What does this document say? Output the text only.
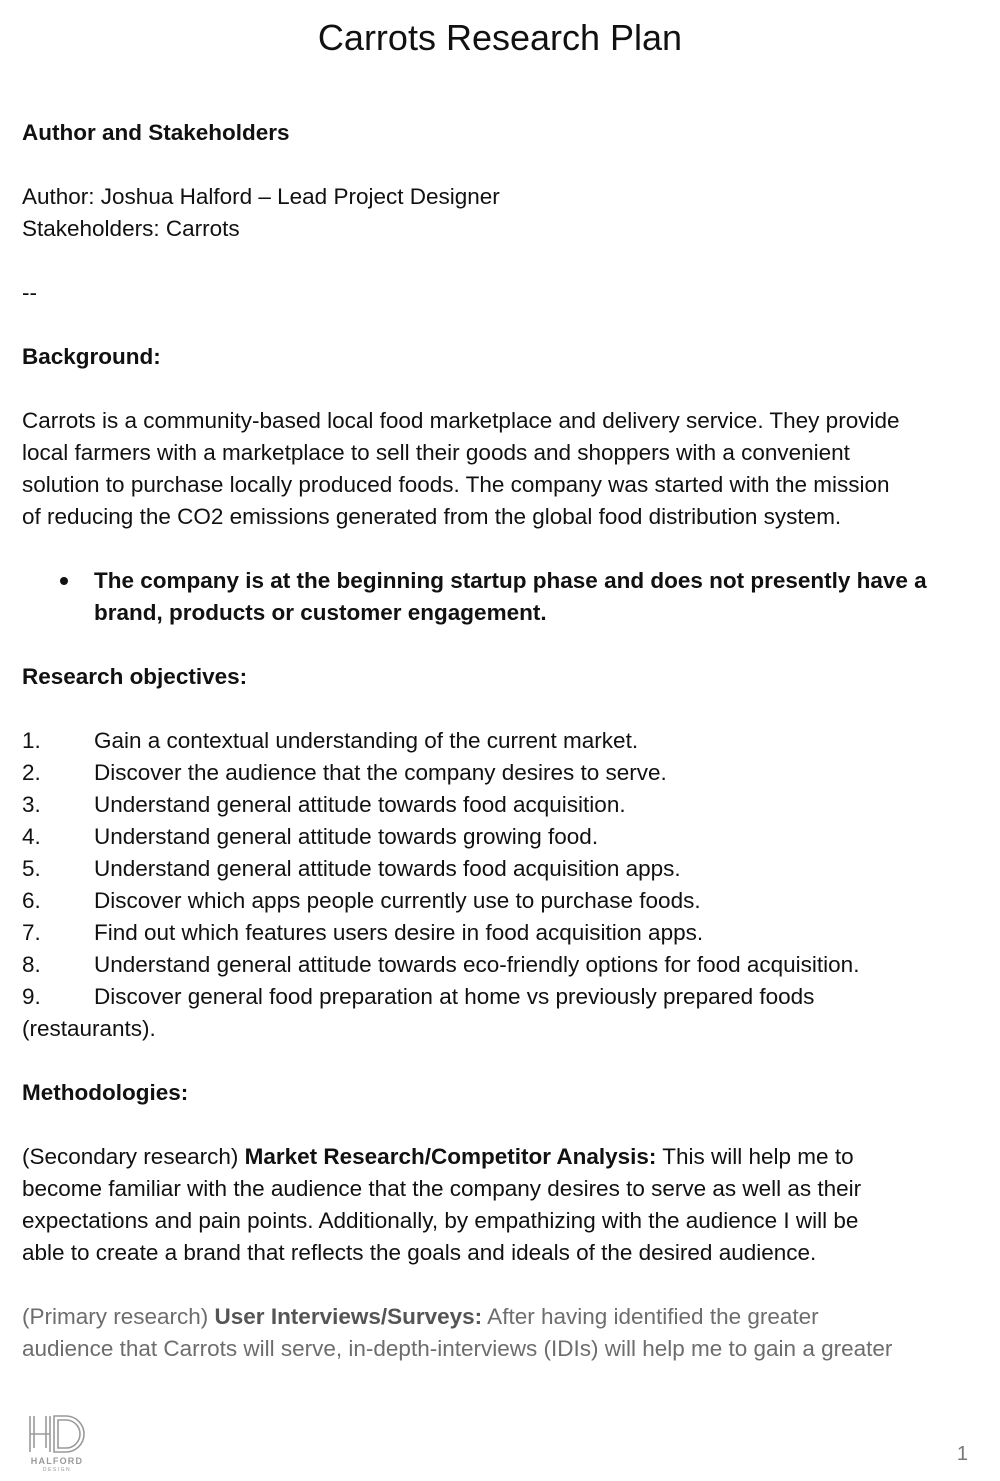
Carrots Research Plan

Author and Stakeholders

Author: Joshua Halford – Lead Project Designer

Stakeholders: Carrots

--

Background:

Carrots is a community-based local food marketplace and delivery service. They provide

local farmers with a marketplace to sell their goods and shoppers with a convenient

solution to purchase locally produced foods. The company was started with the mission

of reducing the CO2 emissions generated from the global food distribution system.

The company is at the beginning startup phase and does not presently have a
brand, products or customer engagement.

Research objectives:

1. Gain a contextual understanding of the current market.
2. Discover the audience that the company desires to serve.
3. Understand general attitude towards food acquisition.
4. Understand general attitude towards growing food.
5. Understand general attitude towards food acquisition apps.
6. Discover which apps people currently use to purchase foods.
7. Find out which features users desire in food acquisition apps.
8. Understand general attitude towards eco-friendly options for food acquisition.
9. Discover general food preparation at home vs previously prepared foods
(restaurants).

Methodologies:

(Secondary research) Market Research/Competitor Analysis: This will help me to

become familiar with the audience that the company desires to serve as well as their

expectations and pain points. Additionally, by empathizing with the audience I will be

able to create a brand that reflects the goals and ideals of the desired audience.

(Primary research) User Interviews/Surveys: After having identified the greater

audience that Carrots will serve, in-depth-interviews (IDIs) will help me to gain a greater

HALFORD
DESIGN
1
